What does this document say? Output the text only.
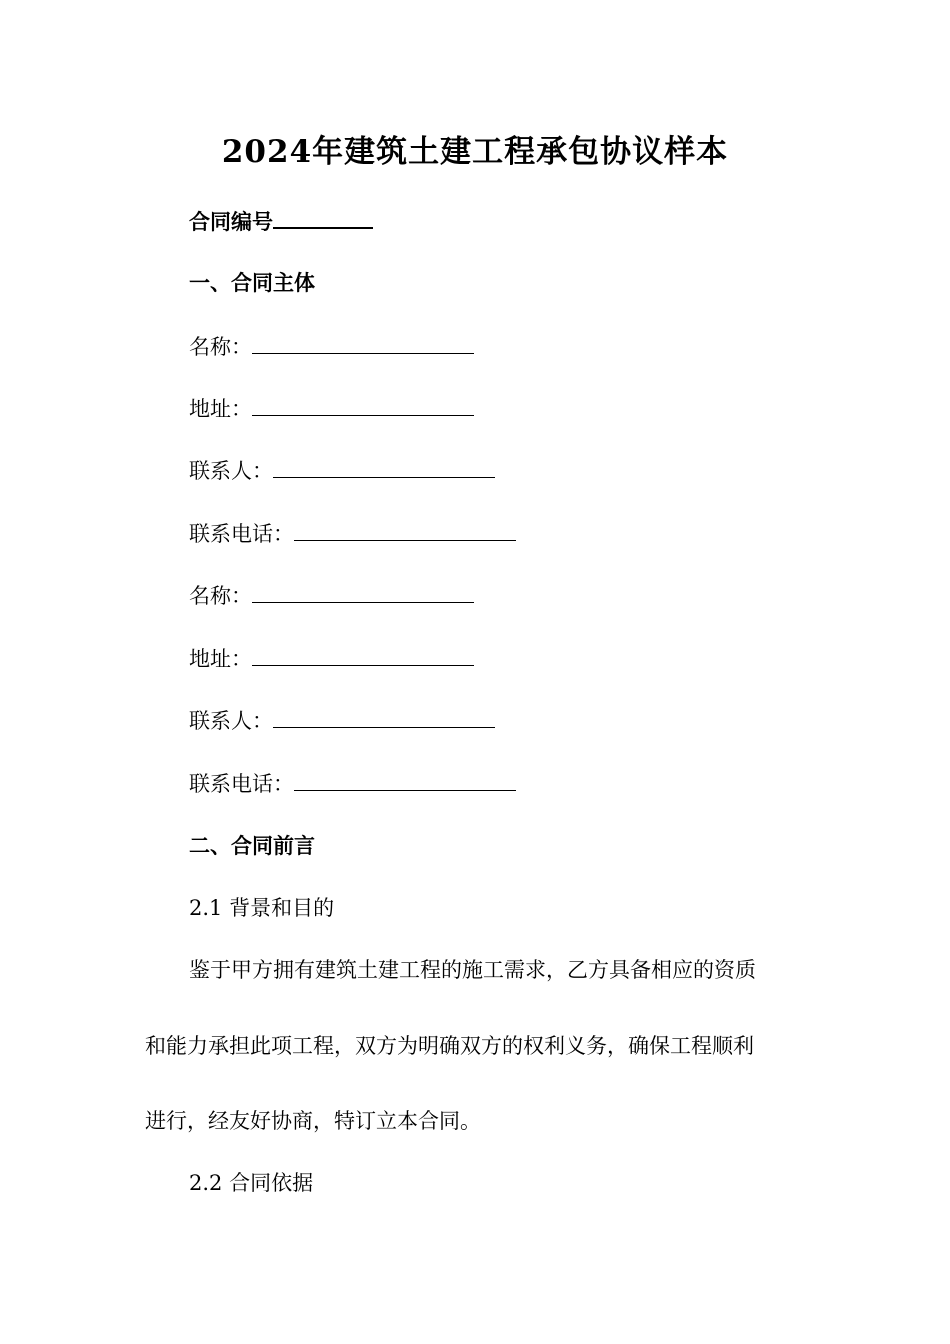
2024年建筑土建工程承包协议样本
合同编号
一、合同主体
名称：
地址：
联系人：
联系电话：
名称：
地址：
联系人：
联系电话：
二、合同前言
2.1 背景和目的
鉴于甲方拥有建筑土建工程的施工需求，乙方具备相应的资质
和能力承担此项工程，双方为明确双方的权利义务，确保工程顺利
进行，经友好协商，特订立本合同。
2.2 合同依据
